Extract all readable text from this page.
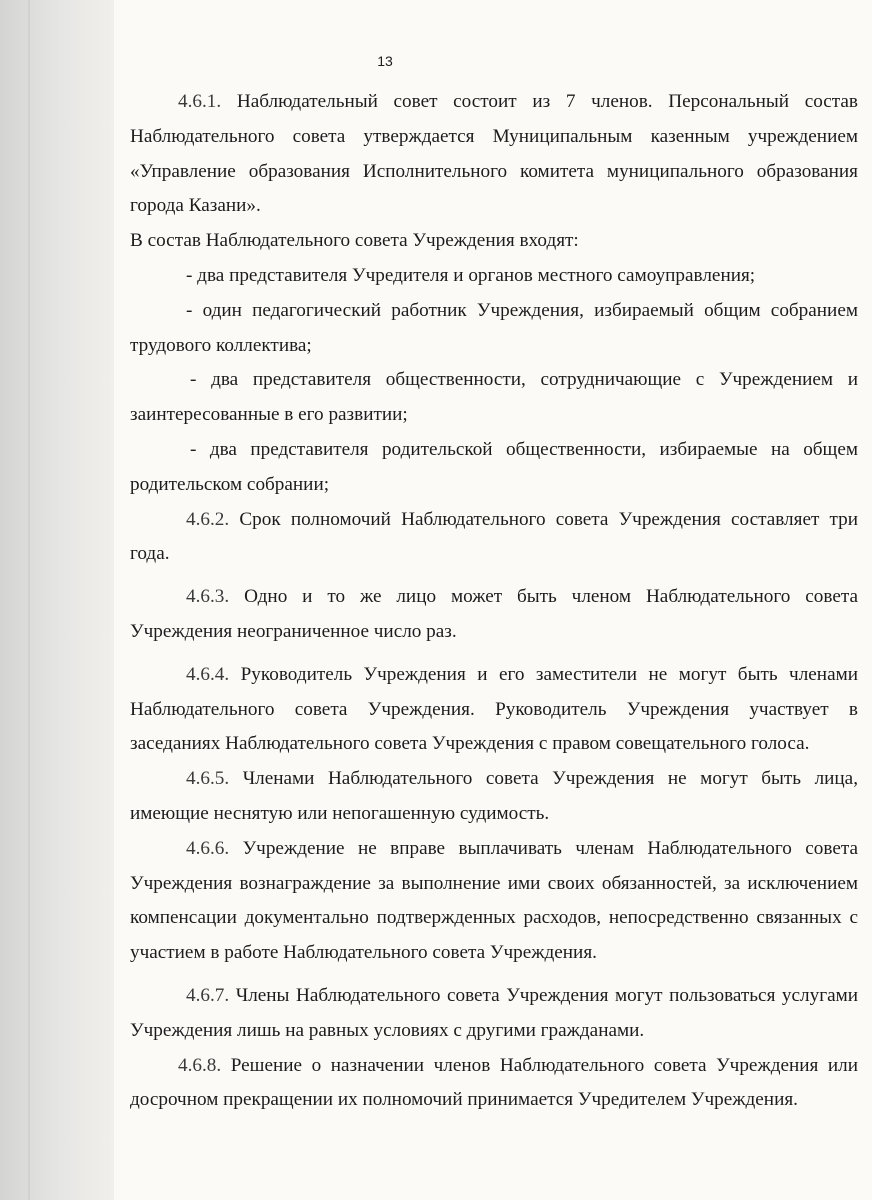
13

4.6.1. Наблюдательный совет состоит из 7 членов. Персональный состав Наблюдательного совета утверждается Муниципальным казенным учреждением «Управление образования Исполнительного комитета муниципального образования города Казани».

В состав Наблюдательного совета Учреждения входят:

- два представителя Учредителя и органов местного самоуправления;

- один педагогический работник Учреждения, избираемый общим собранием трудового коллектива;

- два представителя общественности, сотрудничающие с Учреждением и заинтересованные в его развитии;

- два представителя родительской общественности, избираемые на общем родительском собрании;

4.6.2. Срок полномочий Наблюдательного совета Учреждения составляет три года.

4.6.3. Одно и то же лицо может быть членом Наблюдательного совета Учреждения неограниченное число раз.

4.6.4. Руководитель Учреждения и его заместители не могут быть членами Наблюдательного совета Учреждения. Руководитель Учреждения участвует в заседаниях Наблюдательного совета Учреждения с правом совещательного голоса.

4.6.5. Членами Наблюдательного совета Учреждения не могут быть лица, имеющие неснятую или непогашенную судимость.

4.6.6. Учреждение не вправе выплачивать членам Наблюдательного совета Учреждения вознаграждение за выполнение ими своих обязанностей, за исключением компенсации документально подтвержденных расходов, непосредственно связанных с участием в работе Наблюдательного совета Учреждения.

4.6.7. Члены Наблюдательного совета Учреждения могут пользоваться услугами Учреждения лишь на равных условиях с другими гражданами.

4.6.8. Решение о назначении членов Наблюдательного совета Учреждения или досрочном прекращении их полномочий принимается Учредителем Учреждения.
